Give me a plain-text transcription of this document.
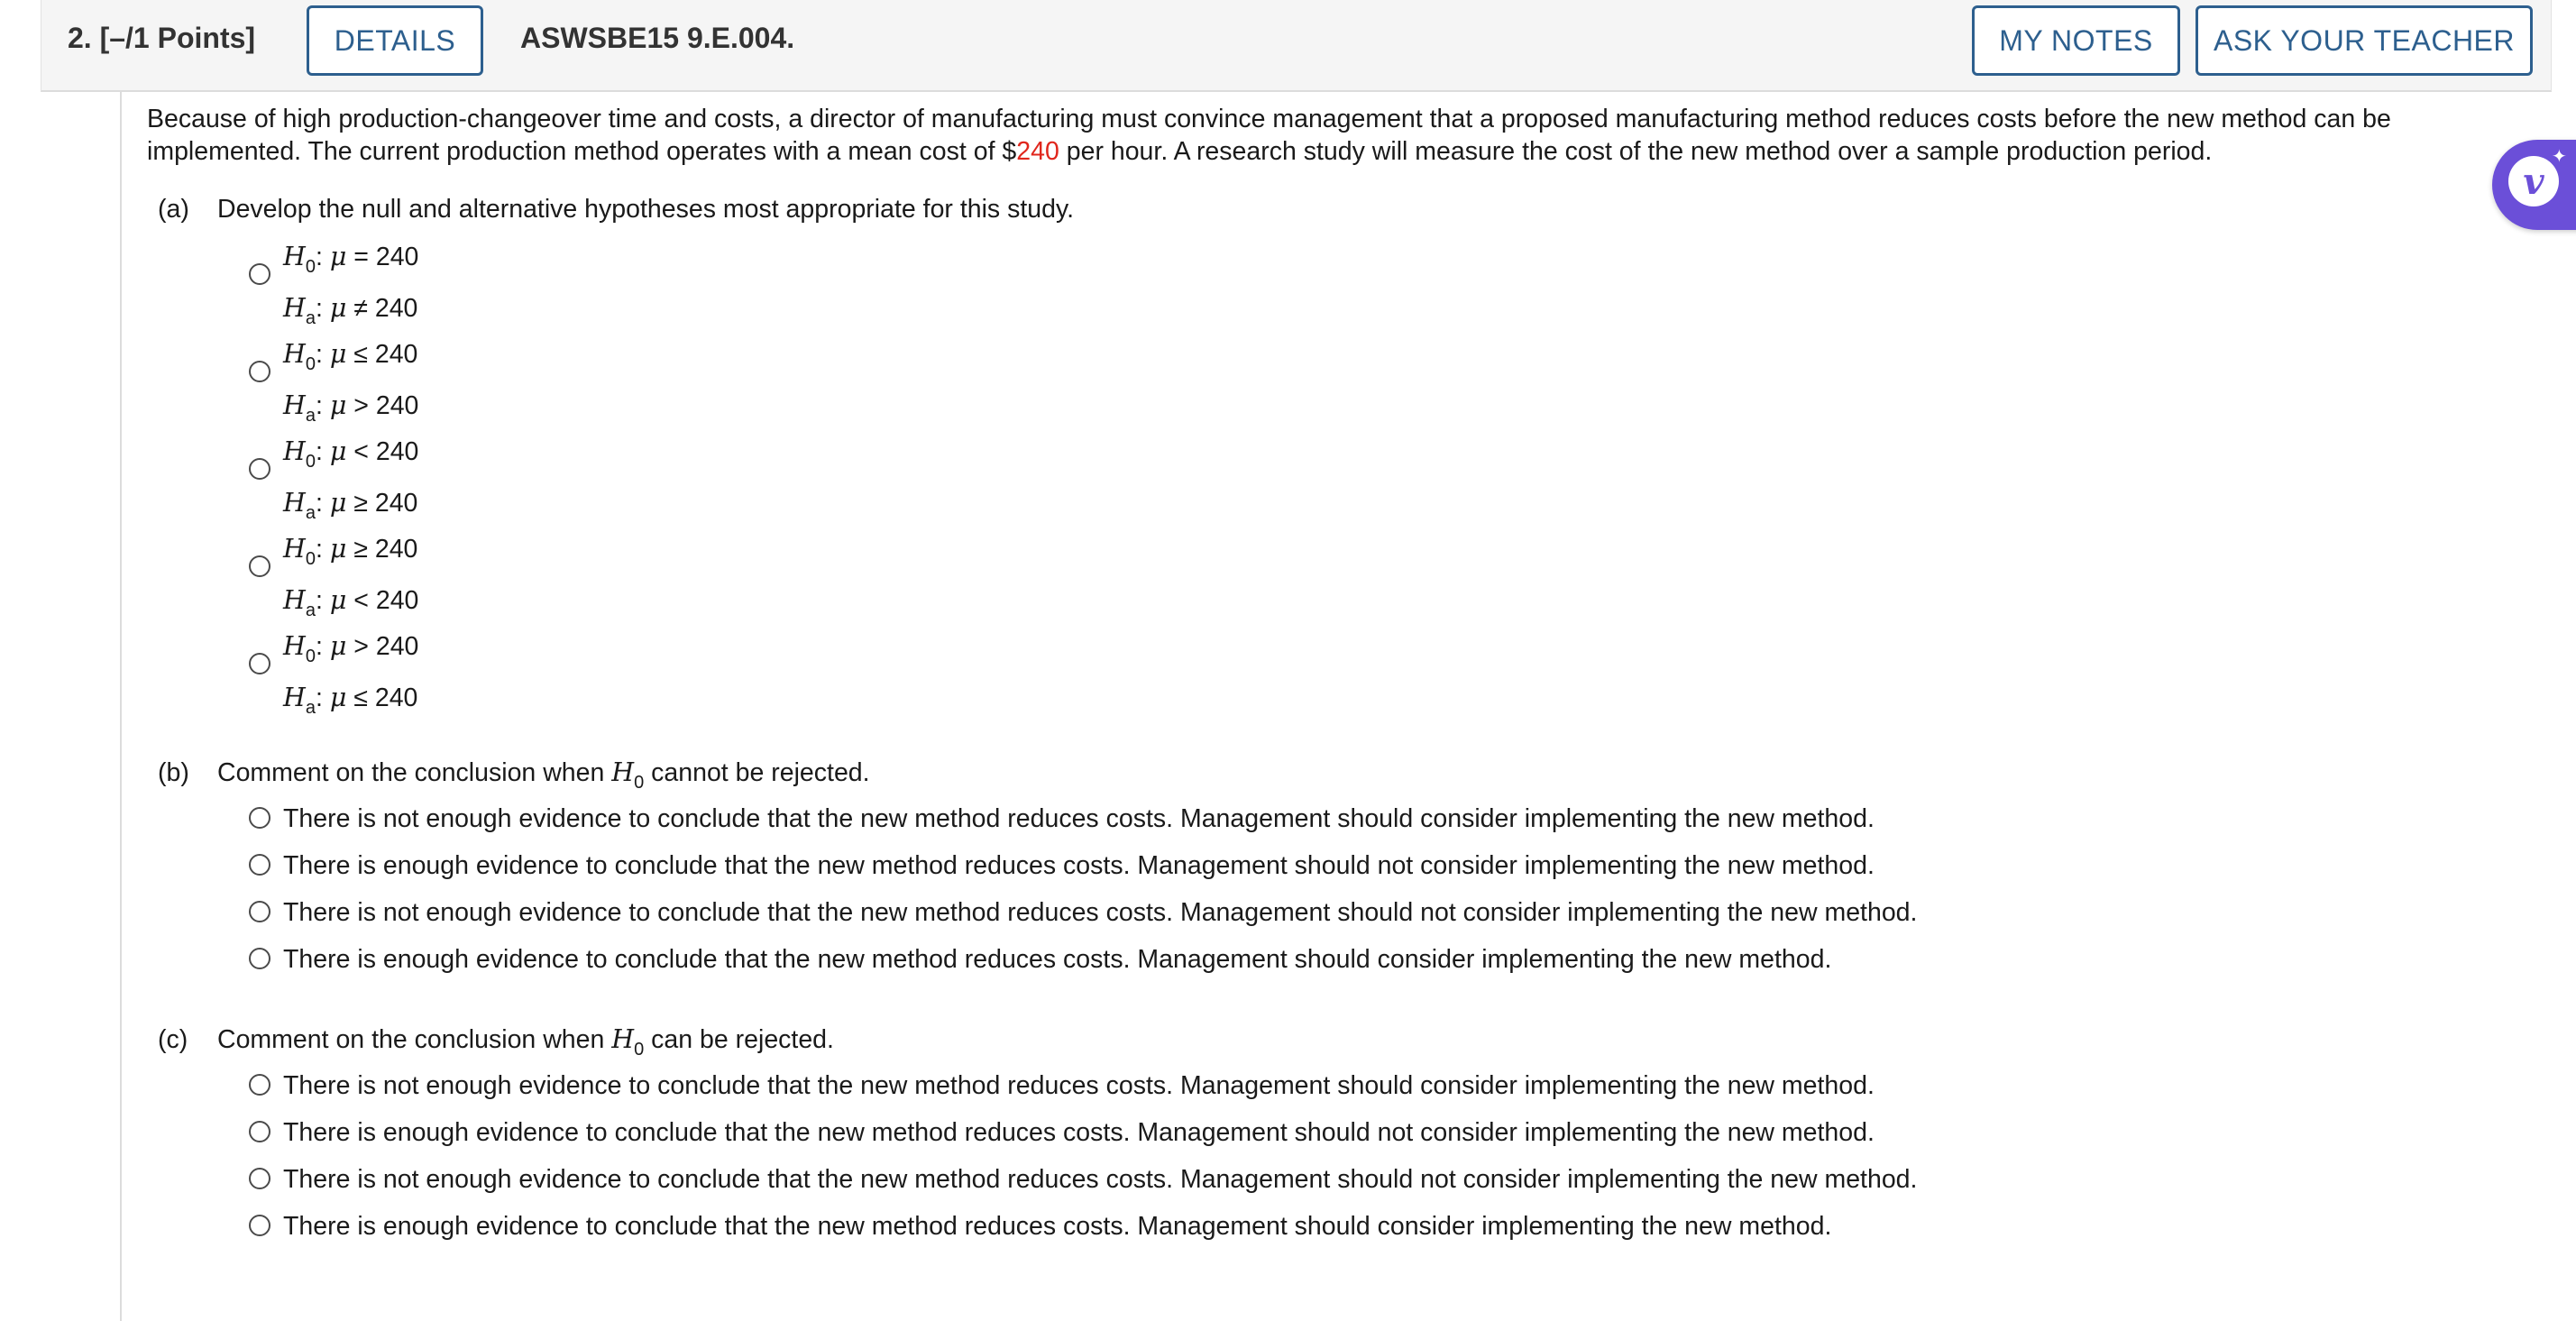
2. [–/1 Points]	DETAILS	ASWSBE15 9.E.004.	MY NOTES	ASK YOUR TEACHER
Because of high production-changeover time and costs, a director of manufacturing must convince management that a proposed manufacturing method reduces costs before the new method can be implemented. The current production method operates with a mean cost of $240 per hour. A research study will measure the cost of the new method over a sample production period.
v
✦
(a) Develop the null and alternative hypotheses most appropriate for this study.
(b) Comment on the conclusion when $H_0$ cannot be rejected.
(c) Comment on the conclusion when $H_0$ can be rejected.
$H_0$: μ = 240
$H_a$: μ ≠ 240
$H_0$: μ ≤ 240
$H_a$: μ > 240
$H_0$: μ < 240
$H_a$: μ ≥ 240
$H_0$: μ ≥ 240
$H_a$: μ < 240
$H_0$: μ > 240
$H_a$: μ ≤ 240
There is not enough evidence to conclude that the new method reduces costs. Management should consider implementing the new method.
There is enough evidence to conclude that the new method reduces costs. Management should not consider implementing the new method.
There is not enough evidence to conclude that the new method reduces costs. Management should not consider implementing the new method.
There is enough evidence to conclude that the new method reduces costs. Management should consider implementing the new method.
There is not enough evidence to conclude that the new method reduces costs. Management should consider implementing the new method.
There is enough evidence to conclude that the new method reduces costs. Management should not consider implementing the new method.
There is not enough evidence to conclude that the new method reduces costs. Management should not consider implementing the new method.
There is enough evidence to conclude that the new method reduces costs. Management should consider implementing the new method.
